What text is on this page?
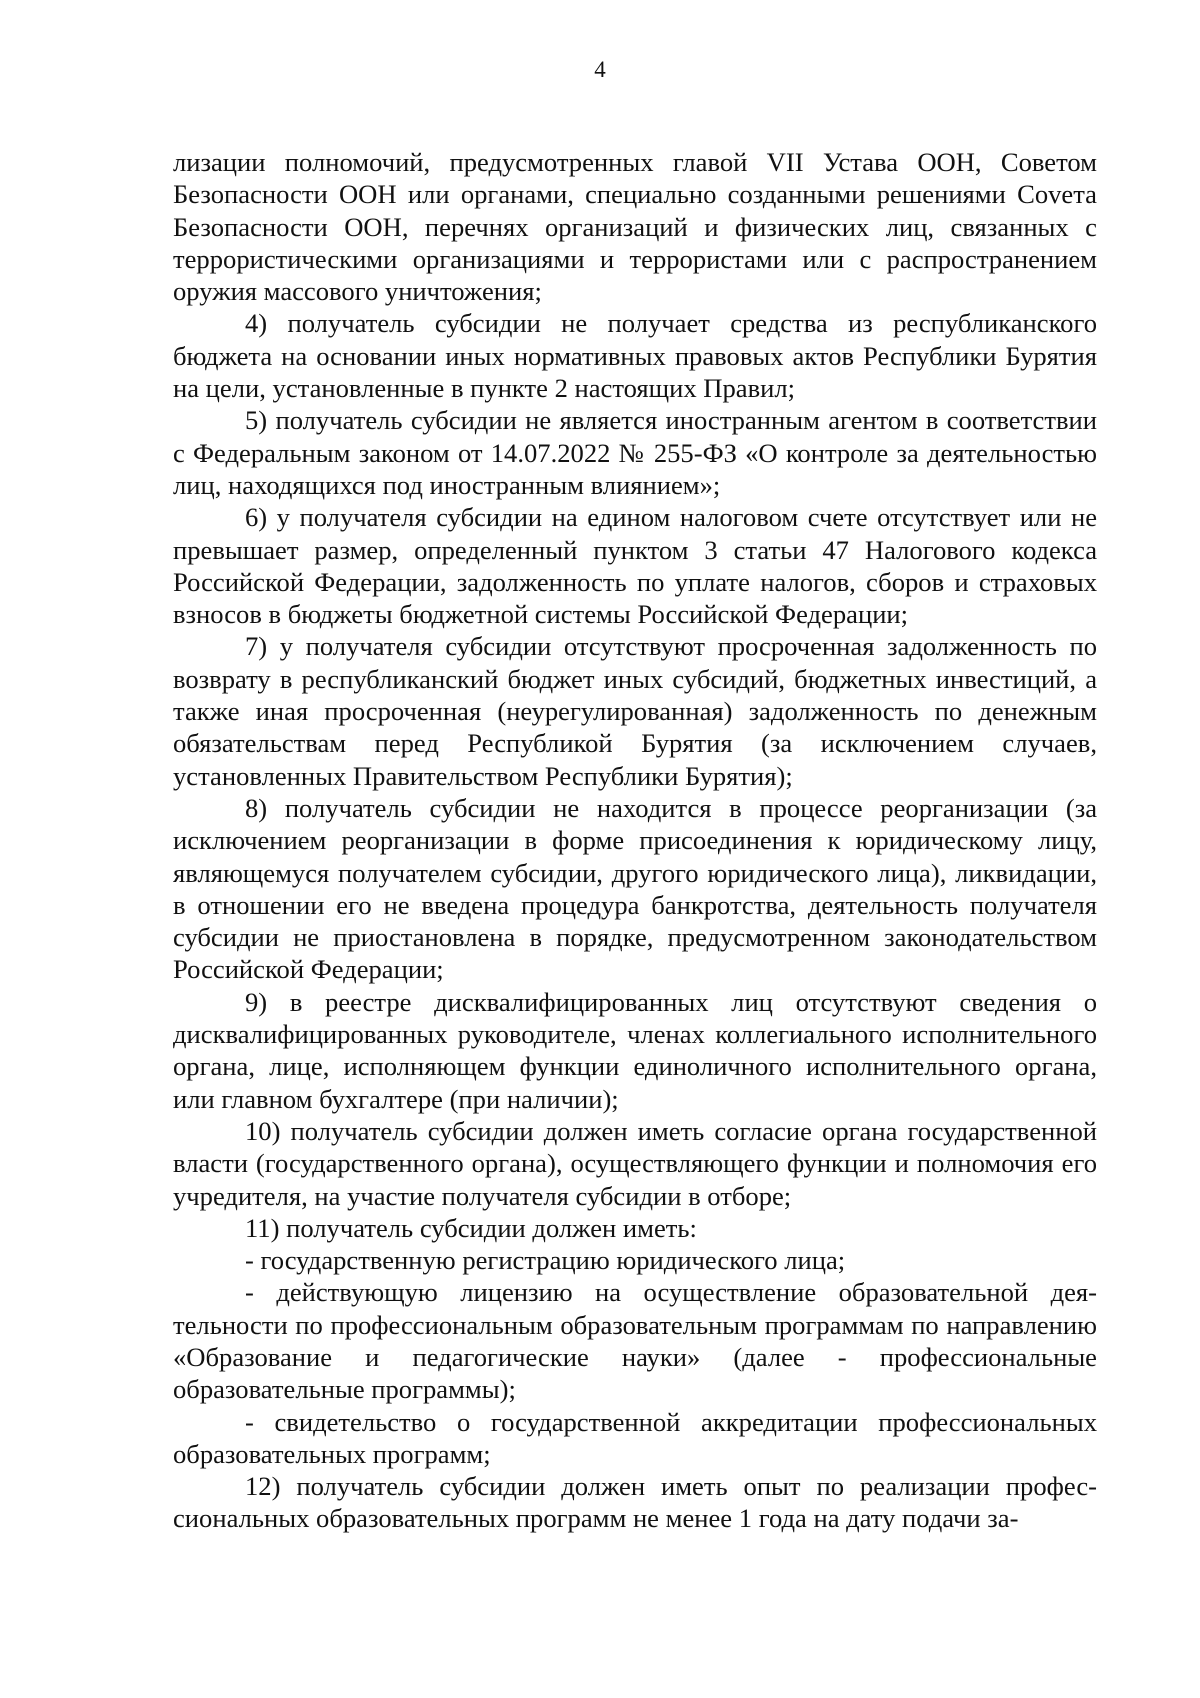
4

лизации полномочий, предусмотренных главой VII Устава ООН, Советом Безопасности ООН или органами, специально созданными решениями Соvета Безопасности ООН, перечнях организаций и физических лиц, связанных с террористическими организациями и террористами или с распространением оружия массового уничтожения;

4) получатель субсидии не получает средства из республиканского бюджета на основании иных нормативных правовых актов Республики Бурятия на цели, установленные в пункте 2 настоящих Правил;

5) получатель субсидии не является иностранным агентом в соответствии с Федеральным законом от 14.07.2022 № 255-ФЗ «О контроле за деятельностью лиц, находящихся под иностранным влиянием»;

6) у получателя субсидии на едином налоговом счете отсутствует или не превышает размер, определенный пунктом 3 статьи 47 Налогового кодекса Российской Федерации, задолженность по уплате налогов, сборов и страховых взносов в бюджеты бюджетной системы Российской Федерации;

7) у получателя субсидии отсутствуют просроченная задолженность по возврату в республиканский бюджет иных субсидий, бюджетных инвестиций, а также иная просроченная (неурегулированная) задолженность по денежным обязательствам перед Республикой Бурятия (за исключением случаев, установленных Правительством Республики Бурятия);

8) получатель субсидии не находится в процессе реорганизации (за исключением реорганизации в форме присоединения к юридическому лицу, являющемуся получателем субсидии, другого юридического лица), ликвидации, в отношении его не введена процедура банкротства, деятельность получателя субсидии не приостановлена в порядке, предусмотренном законодательством Российской Федерации;

9) в реестре дисквалифицированных лиц отсутствуют сведения о дисквалифицированных руководителе, членах коллегиального исполнительного органа, лице, исполняющем функции единоличного исполнительного органа, или главном бухгалтере (при наличии);

10) получатель субсидии должен иметь согласие органа государственной власти (государственного органа), осуществляющего функции и полномочия его учредителя, на участие получателя субсидии в отборе;

11) получатель субсидии должен иметь:

- государственную регистрацию юридического лица;

- действующую лицензию на осуществление образовательной деятельности по профессиональным образовательным программам по направлению «Образование и педагогические науки» (далее - профессиональные образовательные программы);

- свидетельство о государственной аккредитации профессиональных образовательных программ;

12) получатель субсидии должен иметь опыт по реализации профессиональных образовательных программ не менее 1 года на дату подачи за-
